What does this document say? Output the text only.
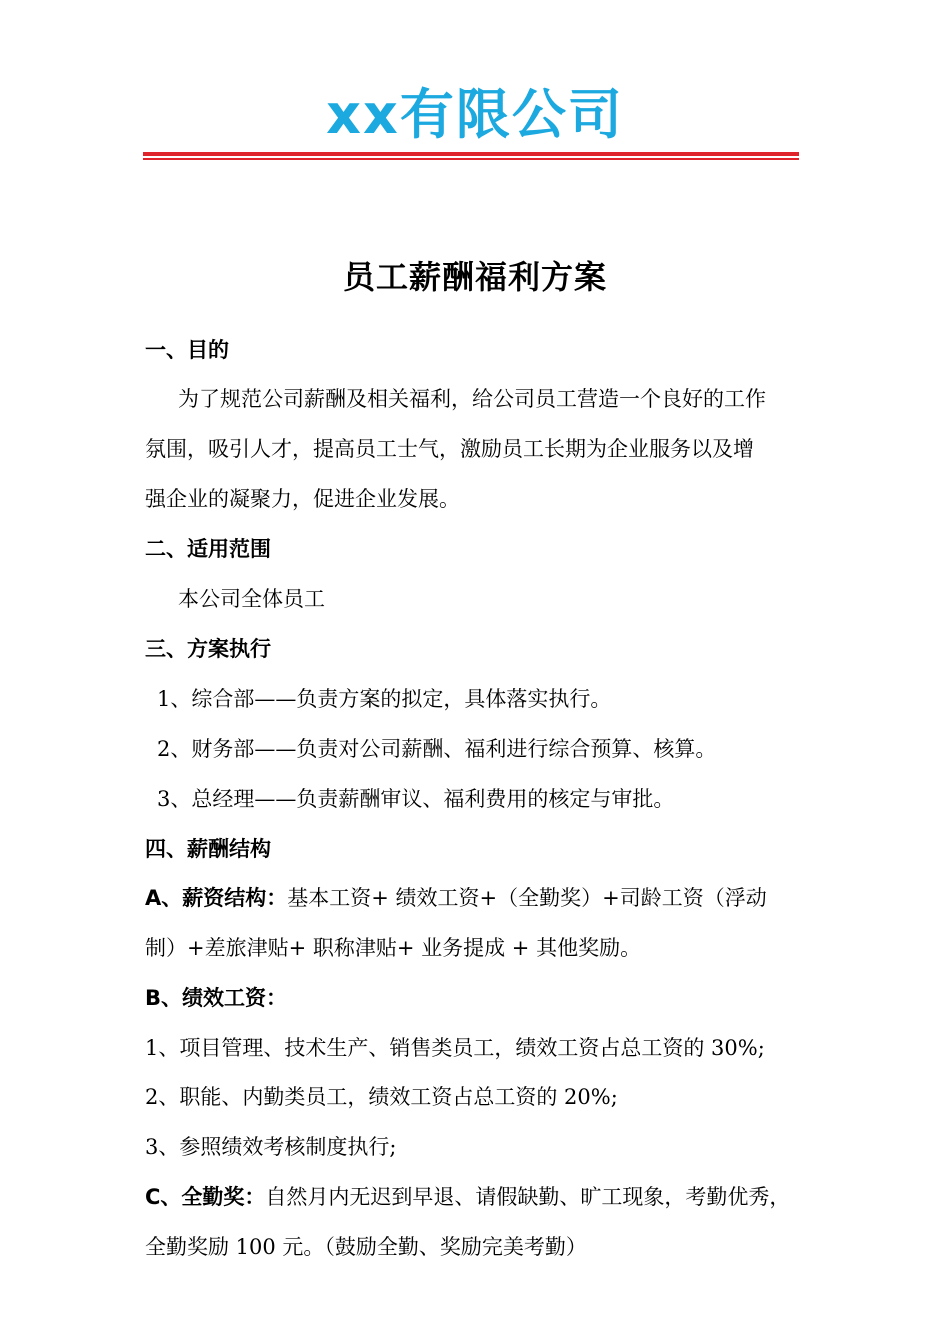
xx有限公司
员工薪酬福利方案
一、目的
为了规范公司薪酬及相关福利，给公司员工营造一个良好的工作
氛围，吸引人才，提高员工士气，激励员工长期为企业服务以及增
强企业的凝聚力，促进企业发展。
二、适用范围
本公司全体员工
三、方案执行
1、综合部——负责方案的拟定，具体落实执行。
2、财务部——负责对公司薪酬、福利进行综合预算、核算。
3、总经理——负责薪酬审议、福利费用的核定与审批。
四、薪酬结构
A、薪资结构：基本工资+ 绩效工资+（全勤奖）+司龄工资（浮动
制）+差旅津贴+ 职称津贴+ 业务提成 + 其他奖励。
B、绩效工资：
1、项目管理、技术生产、销售类员工，绩效工资占总工资的 30%;
2、职能、内勤类员工，绩效工资占总工资的 20%;
3、参照绩效考核制度执行;
C、全勤奖：自然月内无迟到早退、请假缺勤、旷工现象，考勤优秀，
全勤奖励 100 元。（鼓励全勤、奖励完美考勤）
